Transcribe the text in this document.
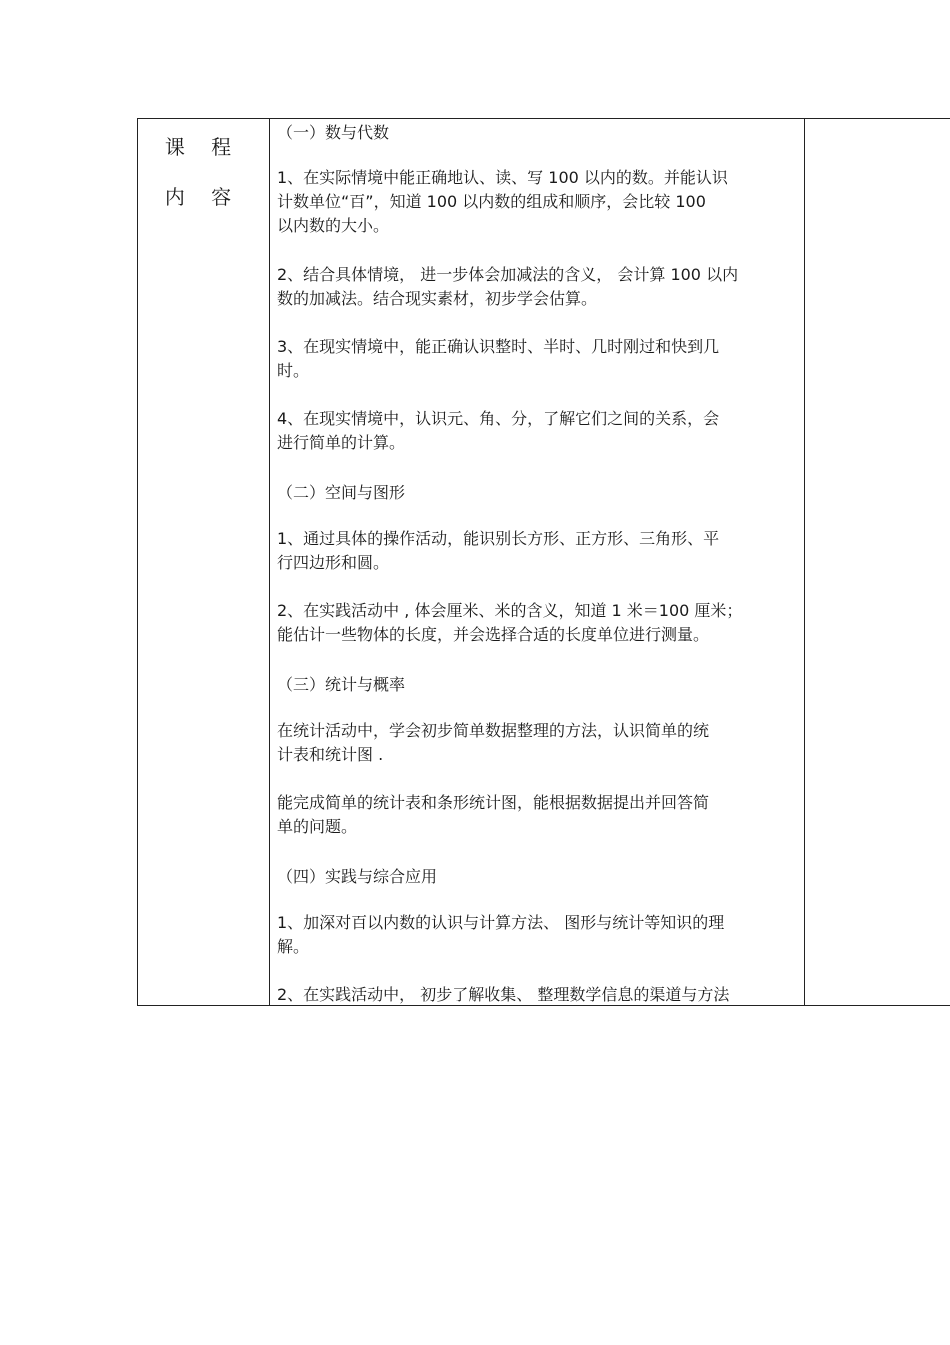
课 程
内 容

（一）数与代数

1、在实际情境中能正确地认、读、写 100 以内的数。并能认识
计数单位“百”，知道 100 以内数的组成和顺序，会比较 100
以内数的大小。

2、结合具体情境， 进一步体会加减法的含义， 会计算 100 以内
数的加减法。结合现实素材，初步学会估算。

3、在现实情境中，能正确认识整时、半时、几时刚过和快到几
时。

4、在现实情境中，认识元、角、分，了解它们之间的关系，会
进行简单的计算。

（二）空间与图形

1、通过具体的操作活动，能识别长方形、正方形、三角形、平
行四边形和圆。

2、在实践活动中 , 体会厘米、米的含义，知道 1 米＝100 厘米；
能估计一些物体的长度，并会选择合适的长度单位进行测量。

（三）统计与概率

在统计活动中，学会初步简单数据整理的方法，认识简单的统
计表和统计图 .

能完成简单的统计表和条形统计图，能根据数据提出并回答简
单的问题。

（四）实践与综合应用

1、加深对百以内数的认识与计算方法、 图形与统计等知识的理
解。

2、在实践活动中， 初步了解收集、 整理数学信息的渠道与方法
